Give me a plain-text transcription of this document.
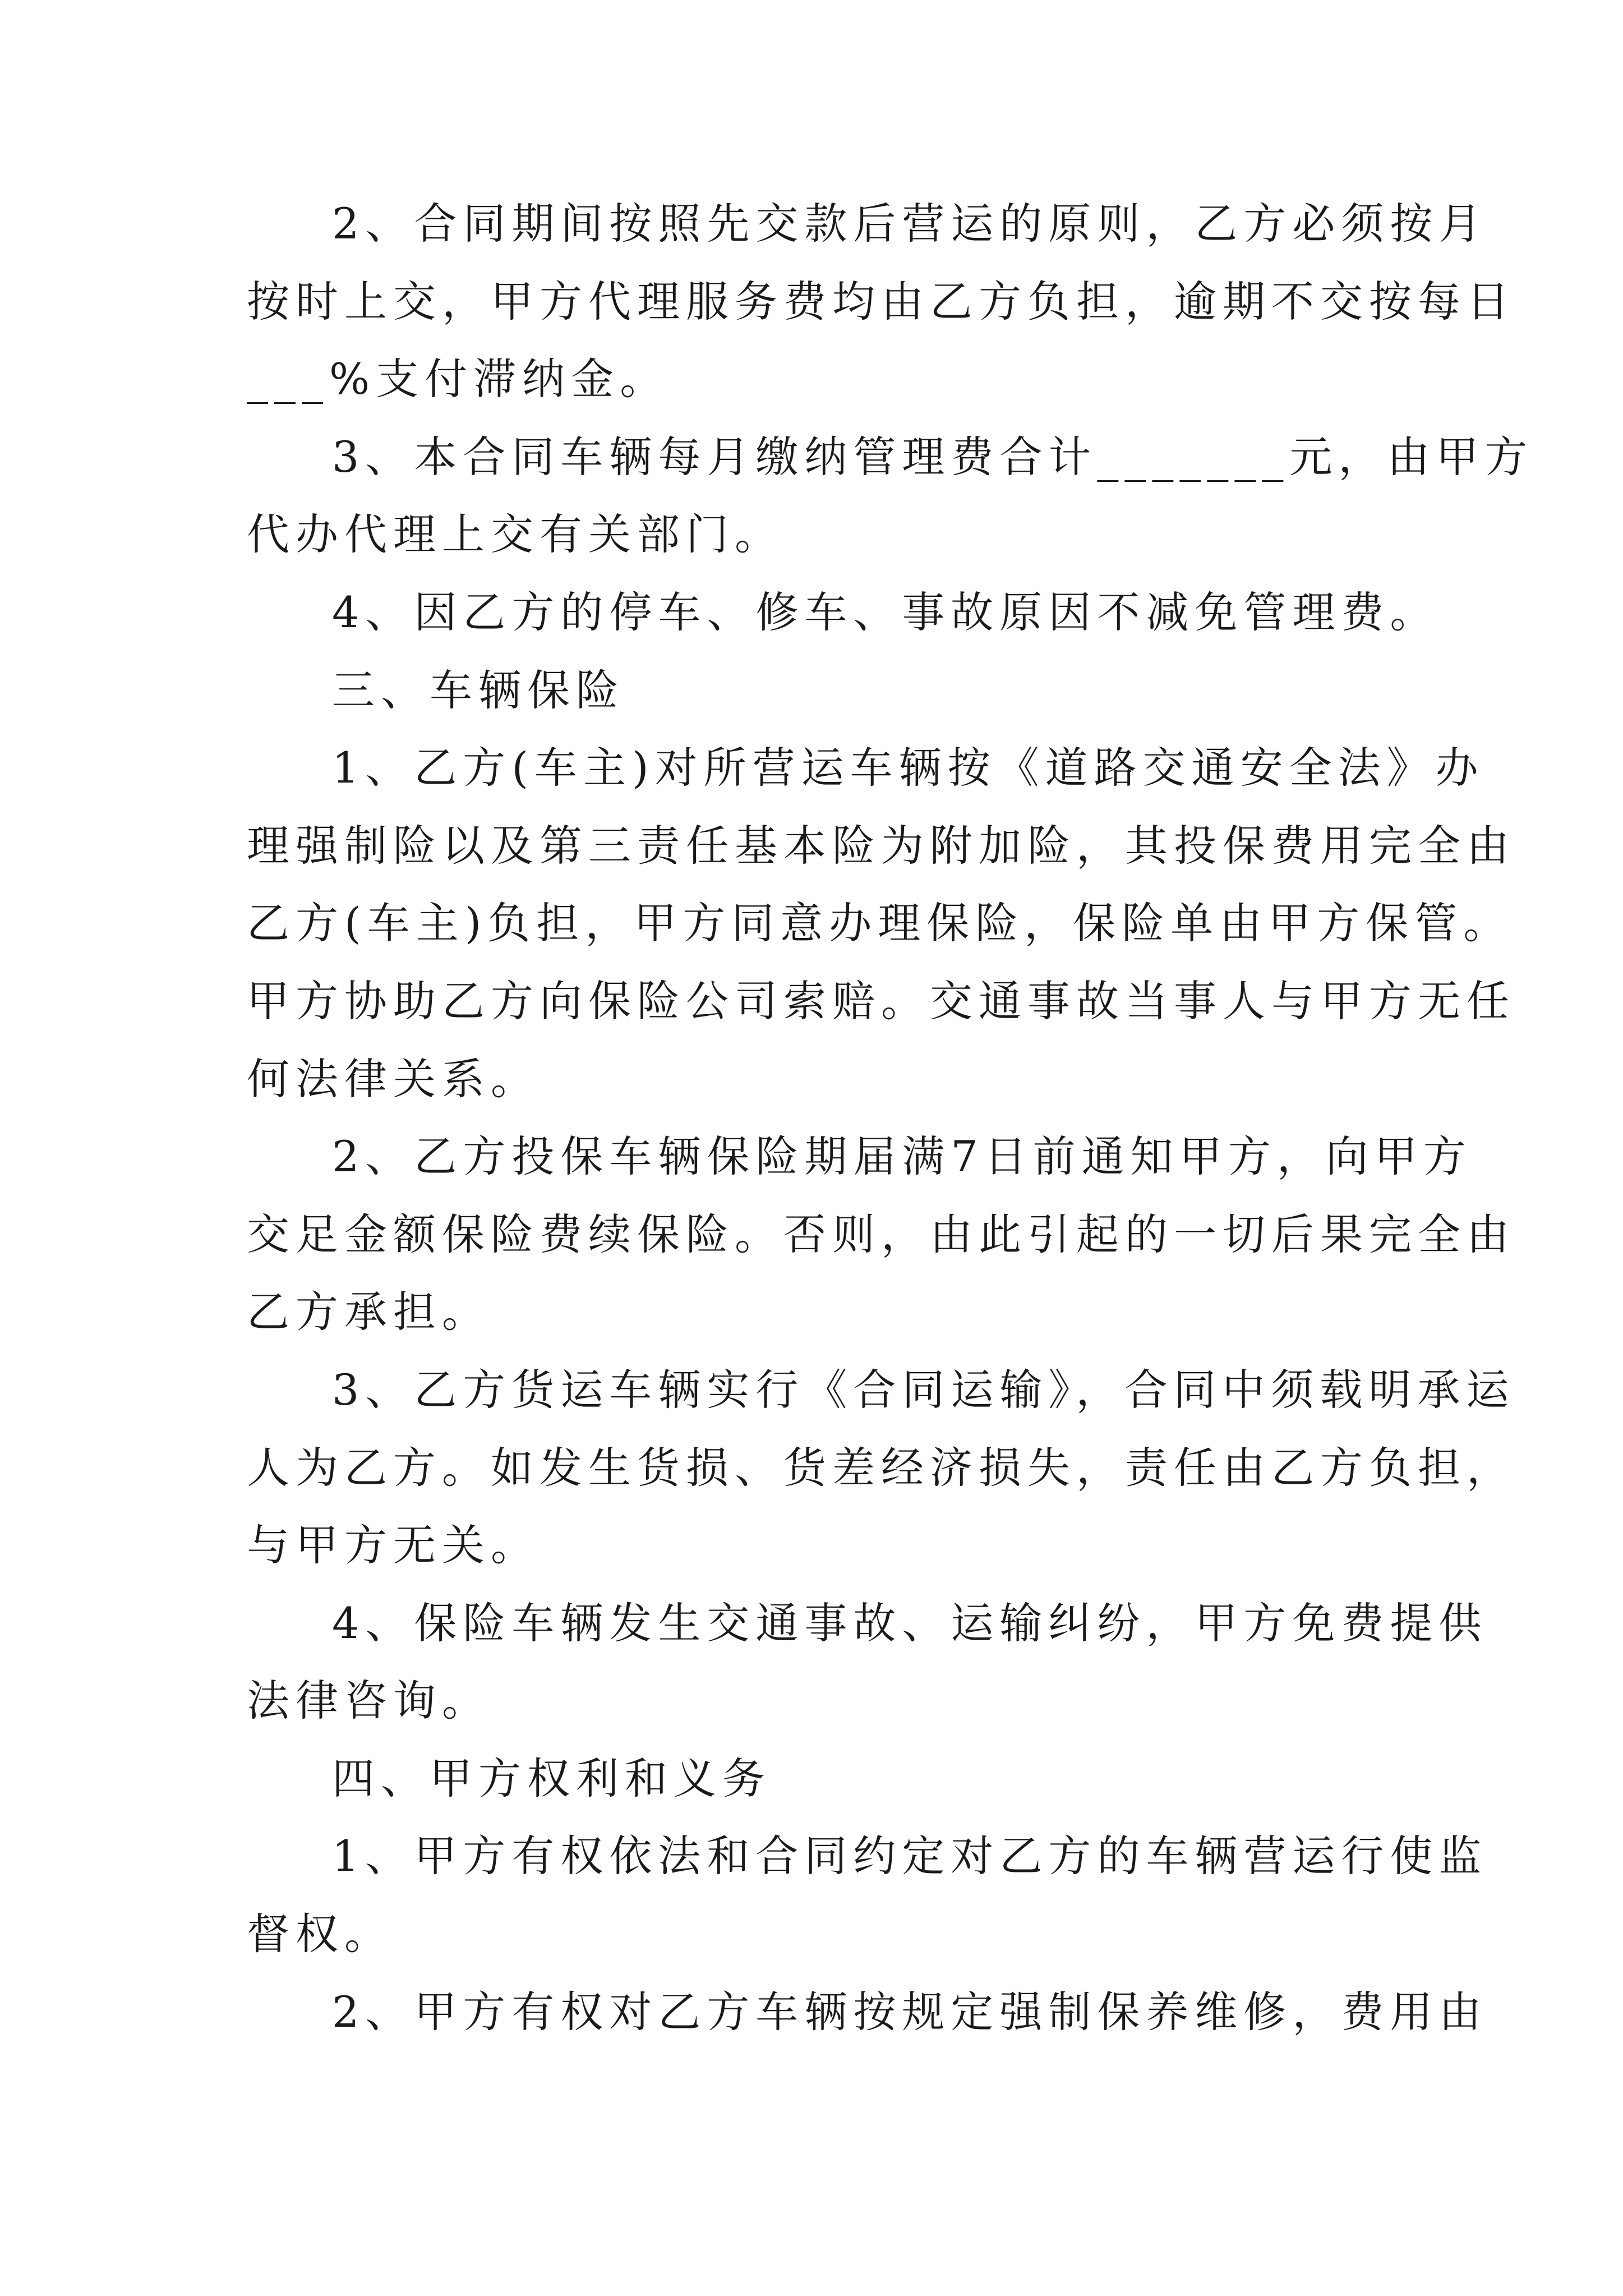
2、合同期间按照先交款后营运的原则，乙方必须按月
按时上交，甲方代理服务费均由乙方负担，逾期不交按每日
___%支付滞纳金。
3、本合同车辆每月缴纳管理费合计_______元，由甲方
代办代理上交有关部门。
4、因乙方的停车、修车、事故原因不减免管理费。
三、车辆保险
1、乙方(车主)对所营运车辆按《道路交通安全法》办
理强制险以及第三责任基本险为附加险，其投保费用完全由
乙方(车主)负担，甲方同意办理保险，保险单由甲方保管。
甲方协助乙方向保险公司索赔。交通事故当事人与甲方无任
何法律关系。
2、乙方投保车辆保险期届满7日前通知甲方，向甲方
交足金额保险费续保险。否则，由此引起的一切后果完全由
乙方承担。
3、乙方货运车辆实行《合同运输》，合同中须载明承运
人为乙方。如发生货损、货差经济损失，责任由乙方负担，
与甲方无关。
4、保险车辆发生交通事故、运输纠纷，甲方免费提供
法律咨询。
四、甲方权利和义务
1、甲方有权依法和合同约定对乙方的车辆营运行使监
督权。
2、甲方有权对乙方车辆按规定强制保养维修，费用由
